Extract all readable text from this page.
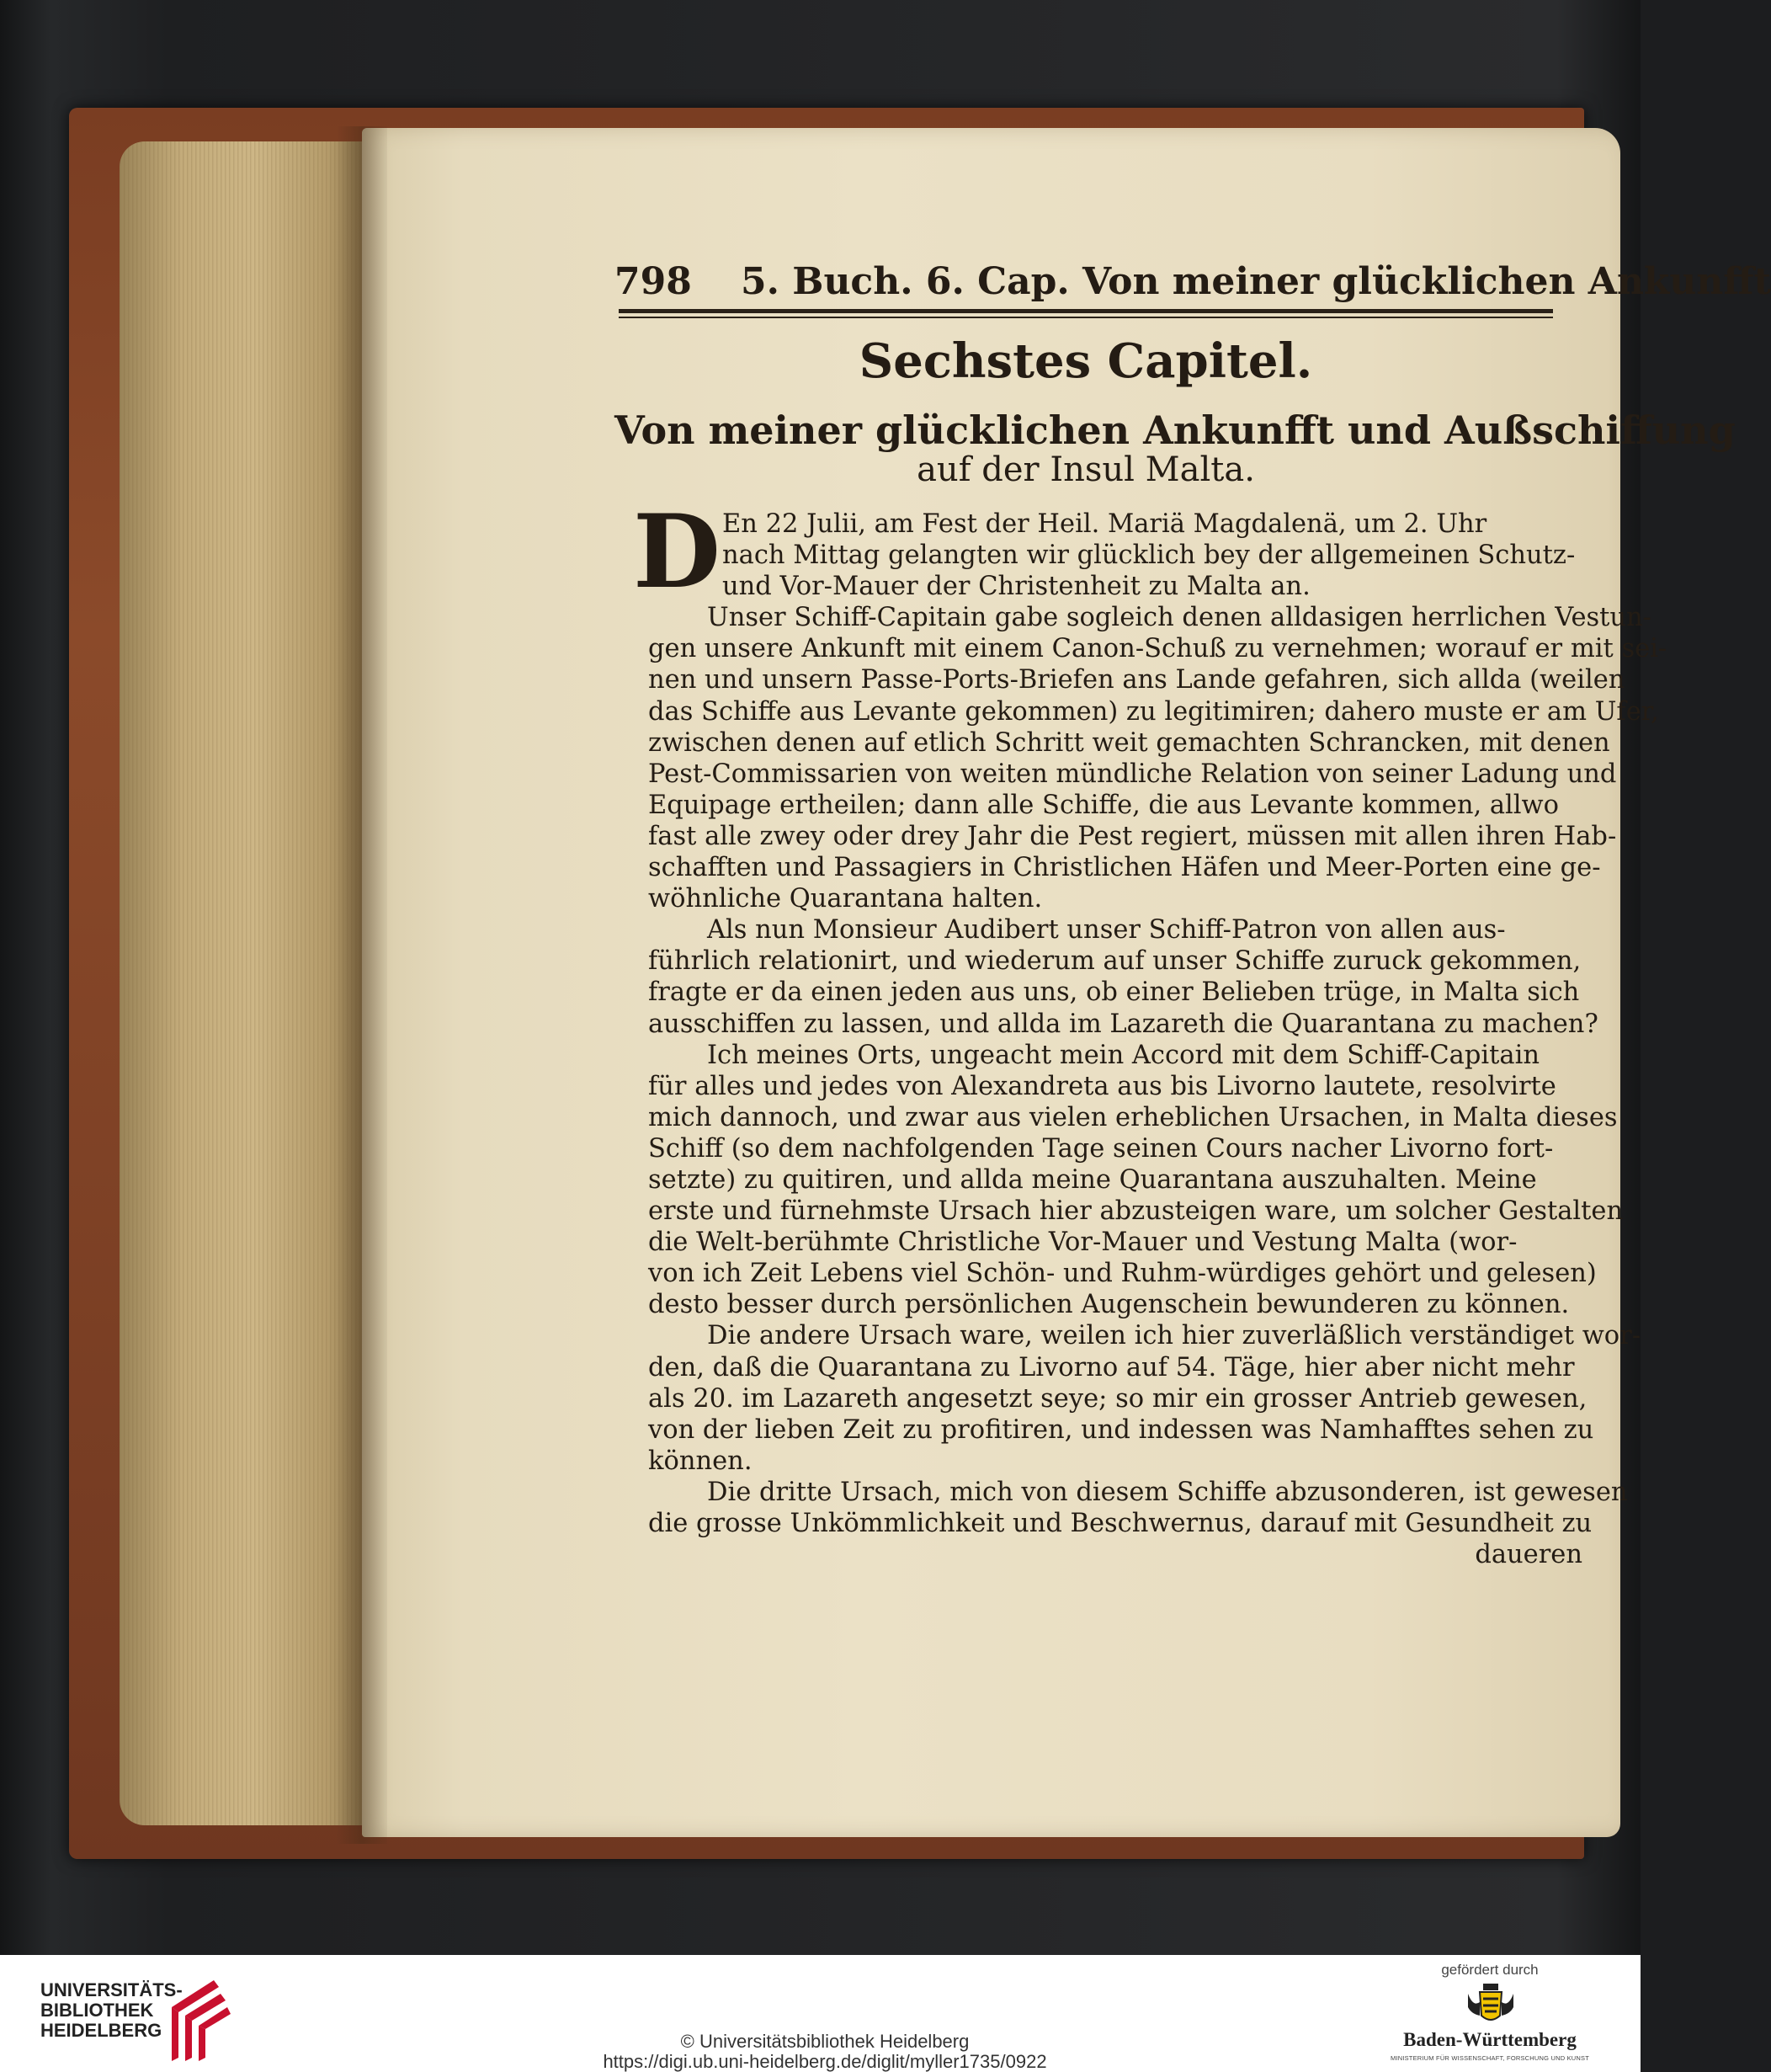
798 5. Buch. 6. Cap. Von meiner glücklichen Ankunfft
Sechstes Capitel.
Von meiner glücklichen Ankunfft und Außschiffung
auf der Insul Malta.
D En 22 Julii, am Fest der Heil. Mariä Magdalenä, um 2. Uhr
nach Mittag gelangten wir glücklich bey der allgemeinen Schutz-
und Vor-Mauer der Christenheit zu Malta an.
Unser Schiff-Capitain gabe sogleich denen alldasigen herrlichen Vestun-
gen unsere Ankunft mit einem Canon-Schuß zu vernehmen; worauf er mit sei-
nen und unsern Passe-Ports-Briefen ans Lande gefahren, sich allda (weilen
das Schiffe aus Levante gekommen) zu legitimiren; dahero muste er am Ufer,
zwischen denen auf etlich Schritt weit gemachten Schrancken, mit denen
Pest-Commissarien von weiten mündliche Relation von seiner Ladung und
Equipage ertheilen; dann alle Schiffe, die aus Levante kommen, allwo
fast alle zwey oder drey Jahr die Pest regiert, müssen mit allen ihren Hab-
schafften und Passagiers in Christlichen Häfen und Meer-Porten eine ge-
wöhnliche Quarantana halten.
Als nun Monsieur Audibert unser Schiff-Patron von allen aus-
führlich relationirt, und wiederum auf unser Schiffe zuruck gekommen,
fragte er da einen jeden aus uns, ob einer Belieben trüge, in Malta sich
ausschiffen zu lassen, und allda im Lazareth die Quarantana zu machen?
Ich meines Orts, ungeacht mein Accord mit dem Schiff-Capitain
für alles und jedes von Alexandreta aus bis Livorno lautete, resolvirte
mich dannoch, und zwar aus vielen erheblichen Ursachen, in Malta dieses
Schiff (so dem nachfolgenden Tage seinen Cours nacher Livorno fort-
setzte) zu quitiren, und allda meine Quarantana auszuhalten. Meine
erste und fürnehmste Ursach hier abzusteigen ware, um solcher Gestalten
die Welt-berühmte Christliche Vor-Mauer und Vestung Malta (wor-
von ich Zeit Lebens viel Schön- und Ruhm-würdiges gehört und gelesen)
desto besser durch persönlichen Augenschein bewunderen zu können.
Die andere Ursach ware, weilen ich hier zuverläßlich verständiget wor-
den, daß die Quarantana zu Livorno auf 54. Täge, hier aber nicht mehr
als 20. im Lazareth angesetzt seye; so mir ein grosser Antrieb gewesen,
von der lieben Zeit zu profitiren, und indessen was Namhafftes sehen zu
können.
Die dritte Ursach, mich von diesem Schiffe abzusonderen, ist gewesen
die grosse Unkömmlichkeit und Beschwernus, darauf mit Gesundheit zu
daueren
UNIVERSITÄTS-
BIBLIOTHEK
HEIDELBERG
© Universitätsbibliothek Heidelberg
https://digi.ub.uni-heidelberg.de/diglit/myller1735/0922
gefördert durch
Baden-Württemberg
MINISTERIUM FÜR WISSENSCHAFT, FORSCHUNG UND KUNST
